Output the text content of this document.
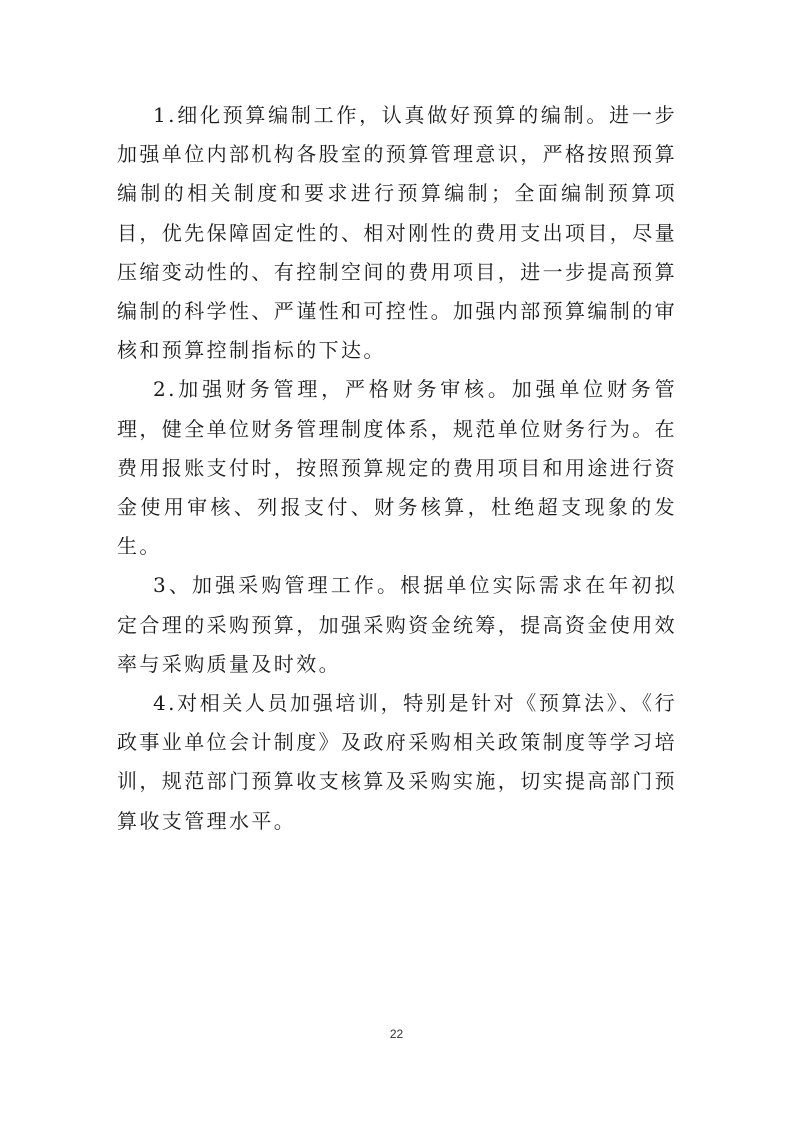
1.细化预算编制工作，认真做好预算的编制。进一步加强单位内部机构各股室的预算管理意识，严格按照预算编制的相关制度和要求进行预算编制；全面编制预算项目，优先保障固定性的、相对刚性的费用支出项目，尽量压缩变动性的、有控制空间的费用项目，进一步提高预算编制的科学性、严谨性和可控性。加强内部预算编制的审核和预算控制指标的下达。

2.加强财务管理，严格财务审核。加强单位财务管理，健全单位财务管理制度体系，规范单位财务行为。在费用报账支付时，按照预算规定的费用项目和用途进行资金使用审核、列报支付、财务核算，杜绝超支现象的发生。

3、加强采购管理工作。根据单位实际需求在年初拟定合理的采购预算，加强采购资金统筹，提高资金使用效率与采购质量及时效。

4.对相关人员加强培训，特别是针对《预算法》、《行政事业单位会计制度》及政府采购相关政策制度等学习培训，规范部门预算收支核算及采购实施，切实提高部门预算收支管理水平。

22
